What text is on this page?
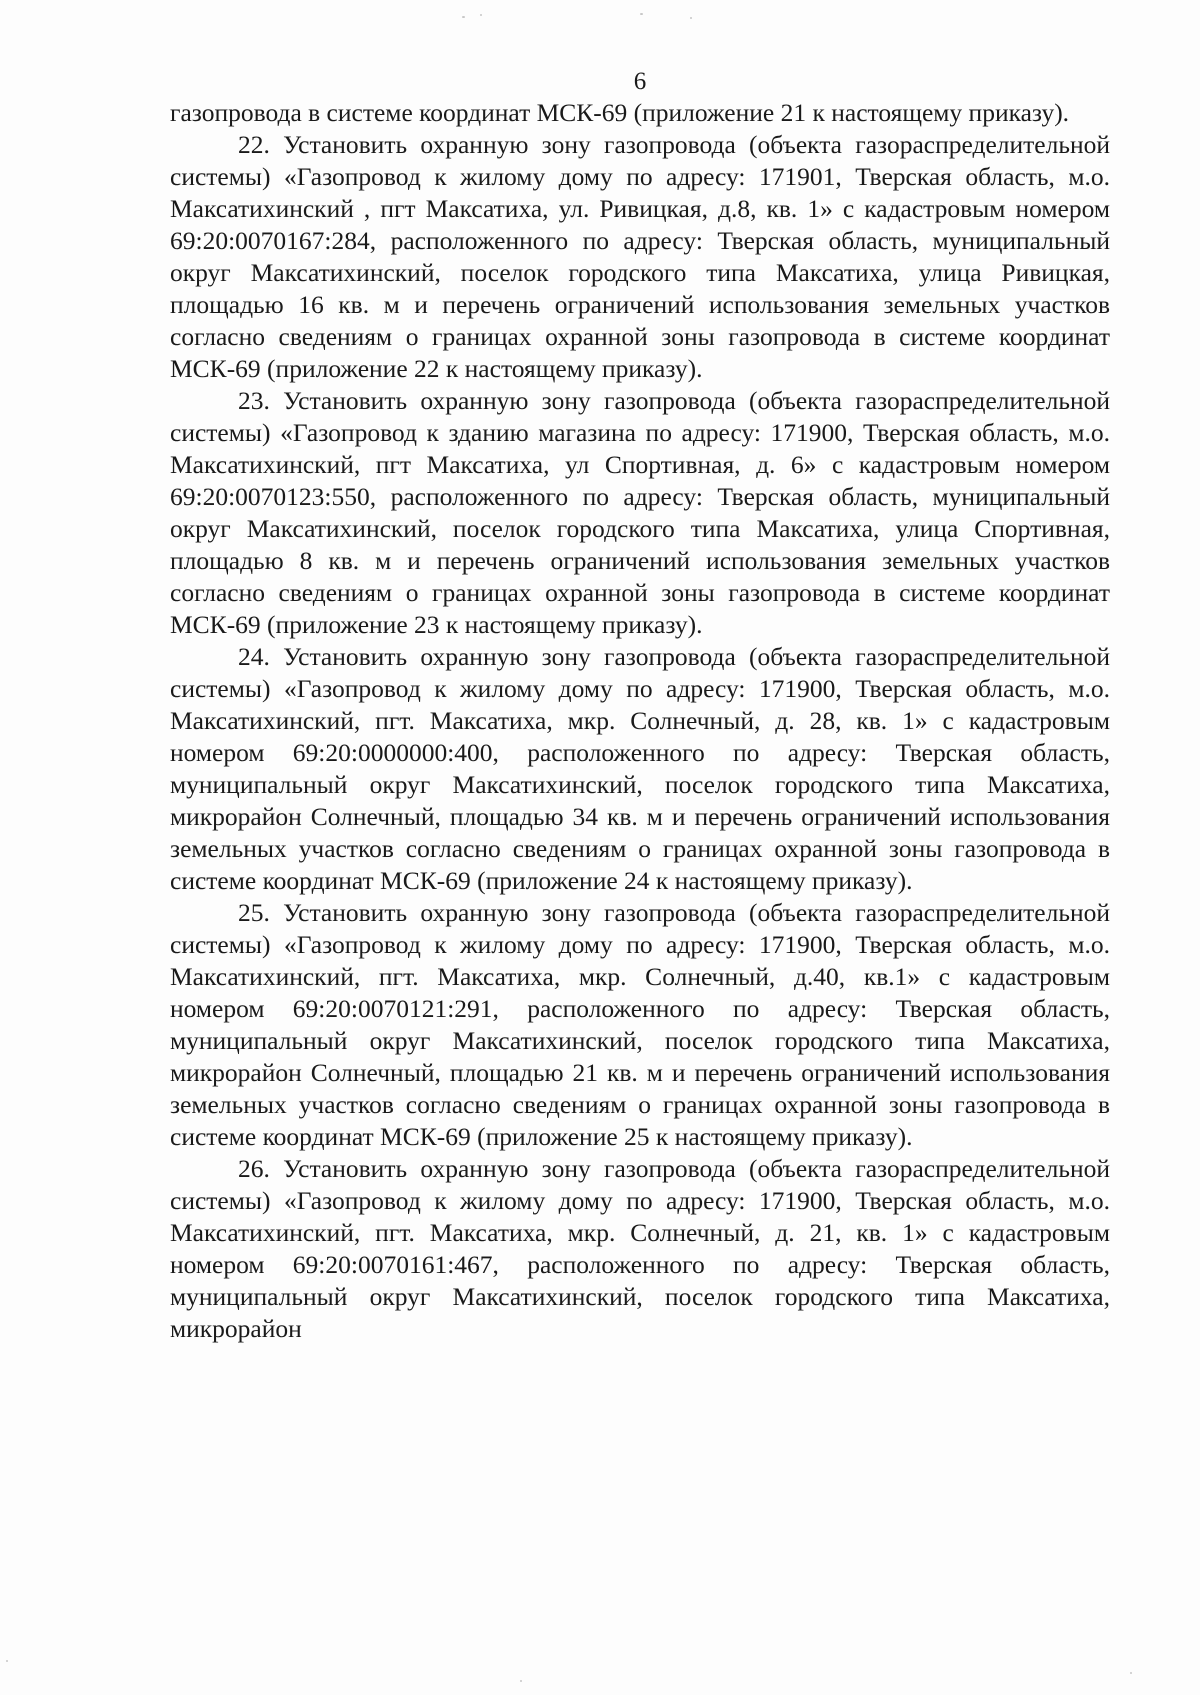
6

газопровода в системе координат МСК-69 (приложение 21 к настоящему приказу).

22. Установить охранную зону газопровода (объекта газораспределительной системы) «Газопровод к жилому дому по адресу: 171901, Тверская область, м.о. Максатихинский , пгт Максатиха, ул. Ривицкая, д.8, кв. 1» с кадастровым номером 69:20:0070167:284, расположенного по адресу: Тверская область, муниципальный округ Максатихинский, поселок городского типа Максатиха, улица Ривицкая, площадью 16 кв. м и перечень ограничений использования земельных участков согласно сведениям о границах охранной зоны газопровода в системе координат МСК-69 (приложение 22 к настоящему приказу).

23. Установить охранную зону газопровода (объекта газораспределительной системы) «Газопровод к зданию магазина по адресу: 171900, Тверская область, м.о. Максатихинский, пгт Максатиха, ул Спортивная, д. 6» с кадастровым номером 69:20:0070123:550, расположенного по адресу: Тверская область, муниципальный округ Максатихинский, поселок городского типа Максатиха, улица Спортивная, площадью 8 кв. м и перечень ограничений использования земельных участков согласно сведениям о границах охранной зоны газопровода в системе координат МСК-69 (приложение 23 к настоящему приказу).

24. Установить охранную зону газопровода (объекта газораспределительной системы) «Газопровод к жилому дому по адресу: 171900, Тверская область, м.о. Максатихинский, пгт. Максатиха, мкр. Солнечный, д. 28, кв. 1» с кадастровым номером 69:20:0000000:400, расположенного по адресу: Тверская область, муниципальный округ Максатихинский, поселок городского типа Максатиха, микрорайон Солнечный, площадью 34 кв. м и перечень ограничений использования земельных участков согласно сведениям о границах охранной зоны газопровода в системе координат МСК-69 (приложение 24 к настоящему приказу).

25. Установить охранную зону газопровода (объекта газораспределительной системы) «Газопровод к жилому дому по адресу: 171900, Тверская область, м.о. Максатихинский, пгт. Максатиха, мкр. Солнечный, д.40, кв.1» с кадастровым номером 69:20:0070121:291, расположенного по адресу: Тверская область, муниципальный округ Максатихинский, поселок городского типа Максатиха, микрорайон Солнечный, площадью 21 кв. м и перечень ограничений использования земельных участков согласно сведениям о границах охранной зоны газопровода в системе координат МСК-69 (приложение 25 к настоящему приказу).

26. Установить охранную зону газопровода (объекта газораспределительной системы) «Газопровод к жилому дому по адресу: 171900, Тверская область, м.о. Максатихинский, пгт. Максатиха, мкр. Солнечный, д. 21, кв. 1» с кадастровым номером 69:20:0070161:467, расположенного по адресу: Тверская область, муниципальный округ Максатихинский, поселок городского типа Максатиха, микрорайон
